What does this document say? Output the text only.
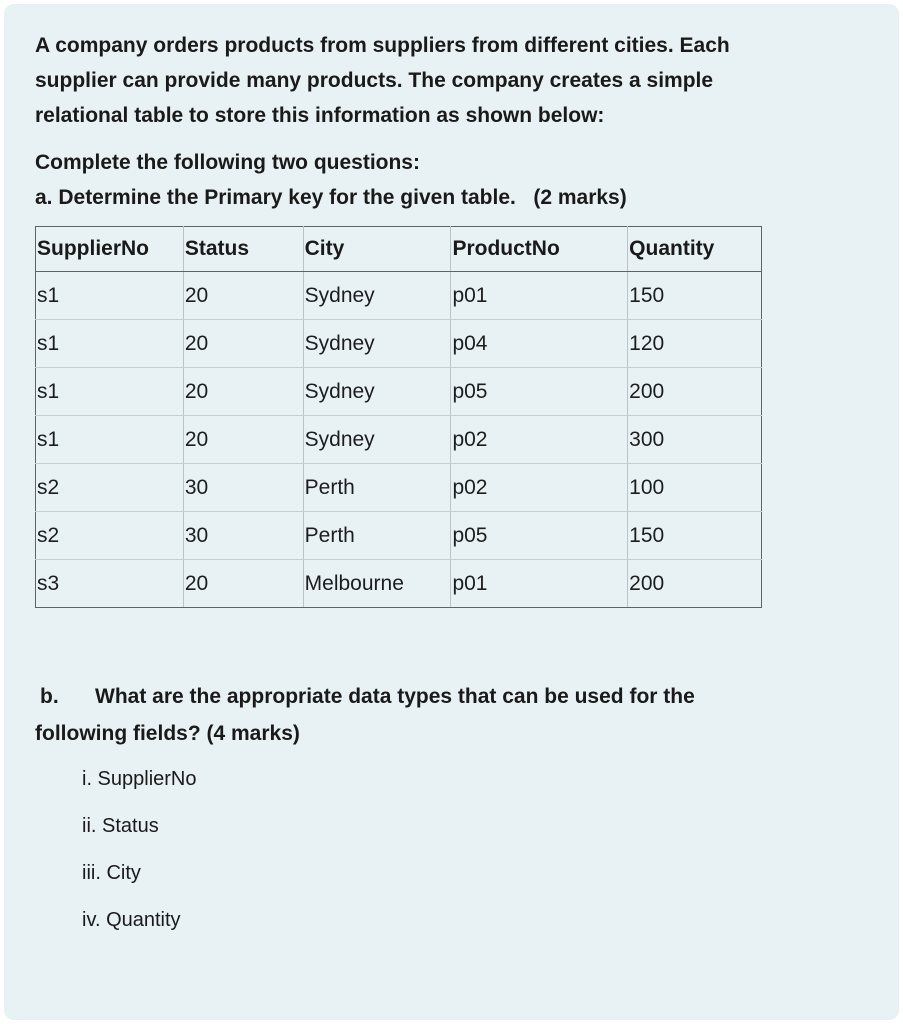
A company orders products from suppliers from different cities. Each
supplier can provide many products. The company creates a simple
relational table to store this information as shown below:
Complete the following two questions:
a. Determine the Primary key for the given table.   (2 marks)
SupplierNo	Status	City	ProductNo	Quantity
s1	20	Sydney	p01	150
s1	20	Sydney	p04	120
s1	20	Sydney	p05	200
s1	20	Sydney	p02	300
s2	30	Perth	p02	100
s2	30	Perth	p05	150
s3	20	Melbourne	p01	200
b. What are the appropriate data types that can be used for the
following fields? (4 marks)
i. SupplierNo
ii. Status
iii. City
iv. Quantity
